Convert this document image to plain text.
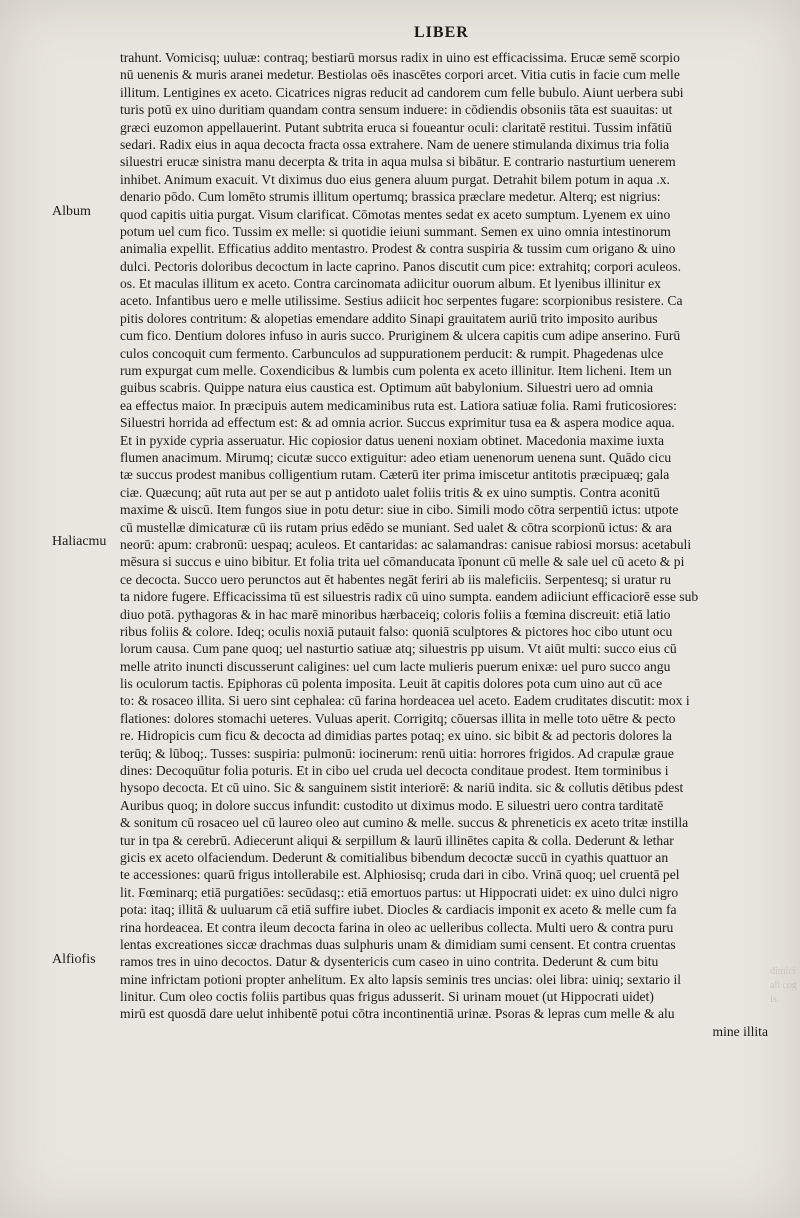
LIBER
trahunt. Vomicisq; uuluæ: contraq; bestiarū morsus radix in uino est efficacissima. Erucæ semē scorpio
nū uenenis & muris aranei medetur. Bestiolas oēs inascētes corpori arcet. Vitia cutis in facie cum melle
illitum. Lentigines ex aceto. Cicatrices nigras reducit ad candorem cum felle bubulo. Aiunt uerbera subi
turis potū ex uino duritiam quandam contra sensum induere: in cōdiendis obsoniis tāta est suauitas: ut
græci euzomon appellauerint. Putant subtrita eruca si foueantur oculi: claritatē restitui. Tussim infātiū
sedari. Radix eius in aqua decocta fracta ossa extrahere. Nam de uenere stimulanda diximus tria folia
siluestri erucæ sinistra manu decerpta & trita in aqua mulsa si bibātur. E contrario nasturtium uenerem
inhibet. Animum exacuit. Vt diximus duo eius genera aluum purgat. Detrahit bilem potum in aqua .x.
denario pōdo. Cum lomēto strumis illitum opertumq; brassica præclare medetur. Alterq; est nigrius:
quod capitis uitia purgat. Visum clarificat. Cōmotas mentes sedat ex aceto sumptum. Lyenem ex uino
potum uel cum fico. Tussim ex melle: si quotidie ieiuni summant. Semen ex uino omnia intestinorum
animalia expellit. Efficatius addito mentastro. Prodest & contra suspiria & tussim cum origano & uino
dulci. Pectoris doloribus decoctum in lacte caprino. Panos discutit cum pice: extrahitq; corpori aculeos.
os. Et maculas illitum ex aceto. Contra carcinomata adiicitur ouorum album. Et lyenibus illinitur ex
aceto. Infantibus uero e melle utilissime. Sestius adiicit hoc serpentes fugare: scorpionibus resistere. Ca
pitis dolores contritum: & alopetias emendare addito Sinapi grauitatem auriū trito imposito auribus
cum fico. Dentium dolores infuso in auris succo. Pruriginem & ulcera capitis cum adipe anserino. Furū
culos concoquit cum fermento. Carbunculos ad suppurationem perducit: & rumpit. Phagedenas ulce
rum expurgat cum melle. Coxendicibus & lumbis cum polenta ex aceto illinitur. Item licheni. Item un
guibus scabris. Quippe natura eius caustica est. Optimum aūt babylonium. Siluestri uero ad omnia
ea effectus maior. In præcipuis autem medicaminibus ruta est. Latiora satiuæ folia. Rami fruticosiores:
Siluestri horrida ad effectum est: & ad omnia acrior. Succus exprimitur tusa ea & aspera modice aqua.
Et in pyxide cypria asseruatur. Hic copiosior datus ueneni noxiam obtinet. Macedonia maxime iuxta
flumen anacimum. Mirumq; cicutæ succo extiguitur: adeo etiam uenenorum uenena sunt. Quādo cicu
tæ succus prodest manibus colligentium rutam. Cæterū iter prima imiscetur antitotis præcipuæq; gala
ciæ. Quæcunq; aūt ruta aut per se aut p antidoto ualet foliis tritis & ex uino sumptis. Contra aconitū
maxime & uiscū. Item fungos siue in potu detur: siue in cibo. Simili modo cōtra serpentiū ictus: utpote
cū mustellæ dimicaturæ cū iis rutam prius edēdo se muniant. Sed ualet & cōtra scorpionū ictus: & ara
neorū: apum: crabronū: uespaq; aculeos. Et cantaridas: ac salamandras: canisue rabiosi morsus: acetabuli
mēsura si succus e uino bibitur. Et folia trita uel cōmanducata īponunt cū melle & sale uel cū aceto & pi
ce decocta. Succo uero perunctos aut ēt habentes negāt feriri ab iis maleficiis. Serpentesq; si uratur ru
ta nidore fugere. Efficacissima tū est siluestris radix cū uino sumpta. eandem adiiciunt efficaciorē esse sub
diuo potā. pythagoras & in hac marē minoribus hærbaceiq; coloris foliis a fœmina discreuit: etiā latio
ribus foliis & colore. Ideq; oculis noxiā putauit falso: quoniā sculptores & pictores hoc cibo utunt ocu
lorum causa. Cum pane quoq; uel nasturtio satiuæ atq; siluestris pp uisum. Vt aiūt multi: succo eius cū
melle atrito inuncti discusserunt caligines: uel cum lacte mulieris puerum enixæ: uel puro succo angu
lis oculorum tactis. Epiphoras cū polenta imposita. Leuit āt capitis dolores pota cum uino aut cū ace
to: & rosaceo illita. Si uero sint cephalea: cū farina hordeacea uel aceto. Eadem cruditates discutit: mox i
flationes: dolores stomachi ueteres. Vuluas aperit. Corrigitq; cōuersas illita in melle toto uētre & pecto
re. Hidropicis cum ficu & decocta ad dimidias partes potaq; ex uino. sic bibit & ad pectoris dolores la
terūq; & lūboq;. Tusses: suspiria: pulmonū: iocinerum: renū uitia: horrores frigidos. Ad crapulæ graue
dines: Decoquūtur folia poturis. Et in cibo uel cruda uel decocta conditaue prodest. Item torminibus i
hysopo decocta. Et cū uino. Sic & sanguinem sistit interiorē: & nariū indita. sic & collutis dētibus pdest
Auribus quoq; in dolore succus infundit: custodito ut diximus modo. E siluestri uero contra tarditatē
& sonitum cū rosaceo uel cū laureo oleo aut cumino & melle. succus & phreneticis ex aceto tritæ instilla
tur in tpa & cerebrū. Adiecerunt aliqui & serpillum & laurū illinētes capita & colla. Dederunt & lethar
gicis ex aceto olfaciendum. Dederunt & comitialibus bibendum decoctæ succū in cyathis quattuor an
te accessiones: quarū frigus intollerabile est. Alphiosisq; cruda dari in cibo. Vrinā quoq; uel cruentā pel
lit. Fœminarq; etiā purgatiōes: secūdasq;: etiā emortuos partus: ut Hippocrati uidet: ex uino dulci nigro
pota: itaq; illitā & uuluarum cā etiā suffire iubet. Diocles & cardiacis imponit ex aceto & melle cum fa
rina hordeacea. Et contra ileum decocta farina in oleo ac uelleribus collecta. Multi uero & contra puru
lentas excreationes siccæ drachmas duas sulphuris unam & dimidiam sumi censent. Et contra cruentas
ramos tres in uino decoctos. Datur & dysentericis cum caseo in uino contrita. Dederunt & cum bitu
mine infrictam potioni propter anhelitum. Ex alto lapsis seminis tres uncias: olei libra: uiniq; sextario il
linitur. Cum oleo coctis foliis partibus quas frigus adusserit. Si urinam mouet (ut Hippocrati uidet)
mirū est quosdā dare uelut inhibentē potui cōtra incontinentiā urinæ. Psoras & lepras cum melle & alu
mine illita
Album
Haliacmu
Alfiofis
dimici
ali cog
is.
